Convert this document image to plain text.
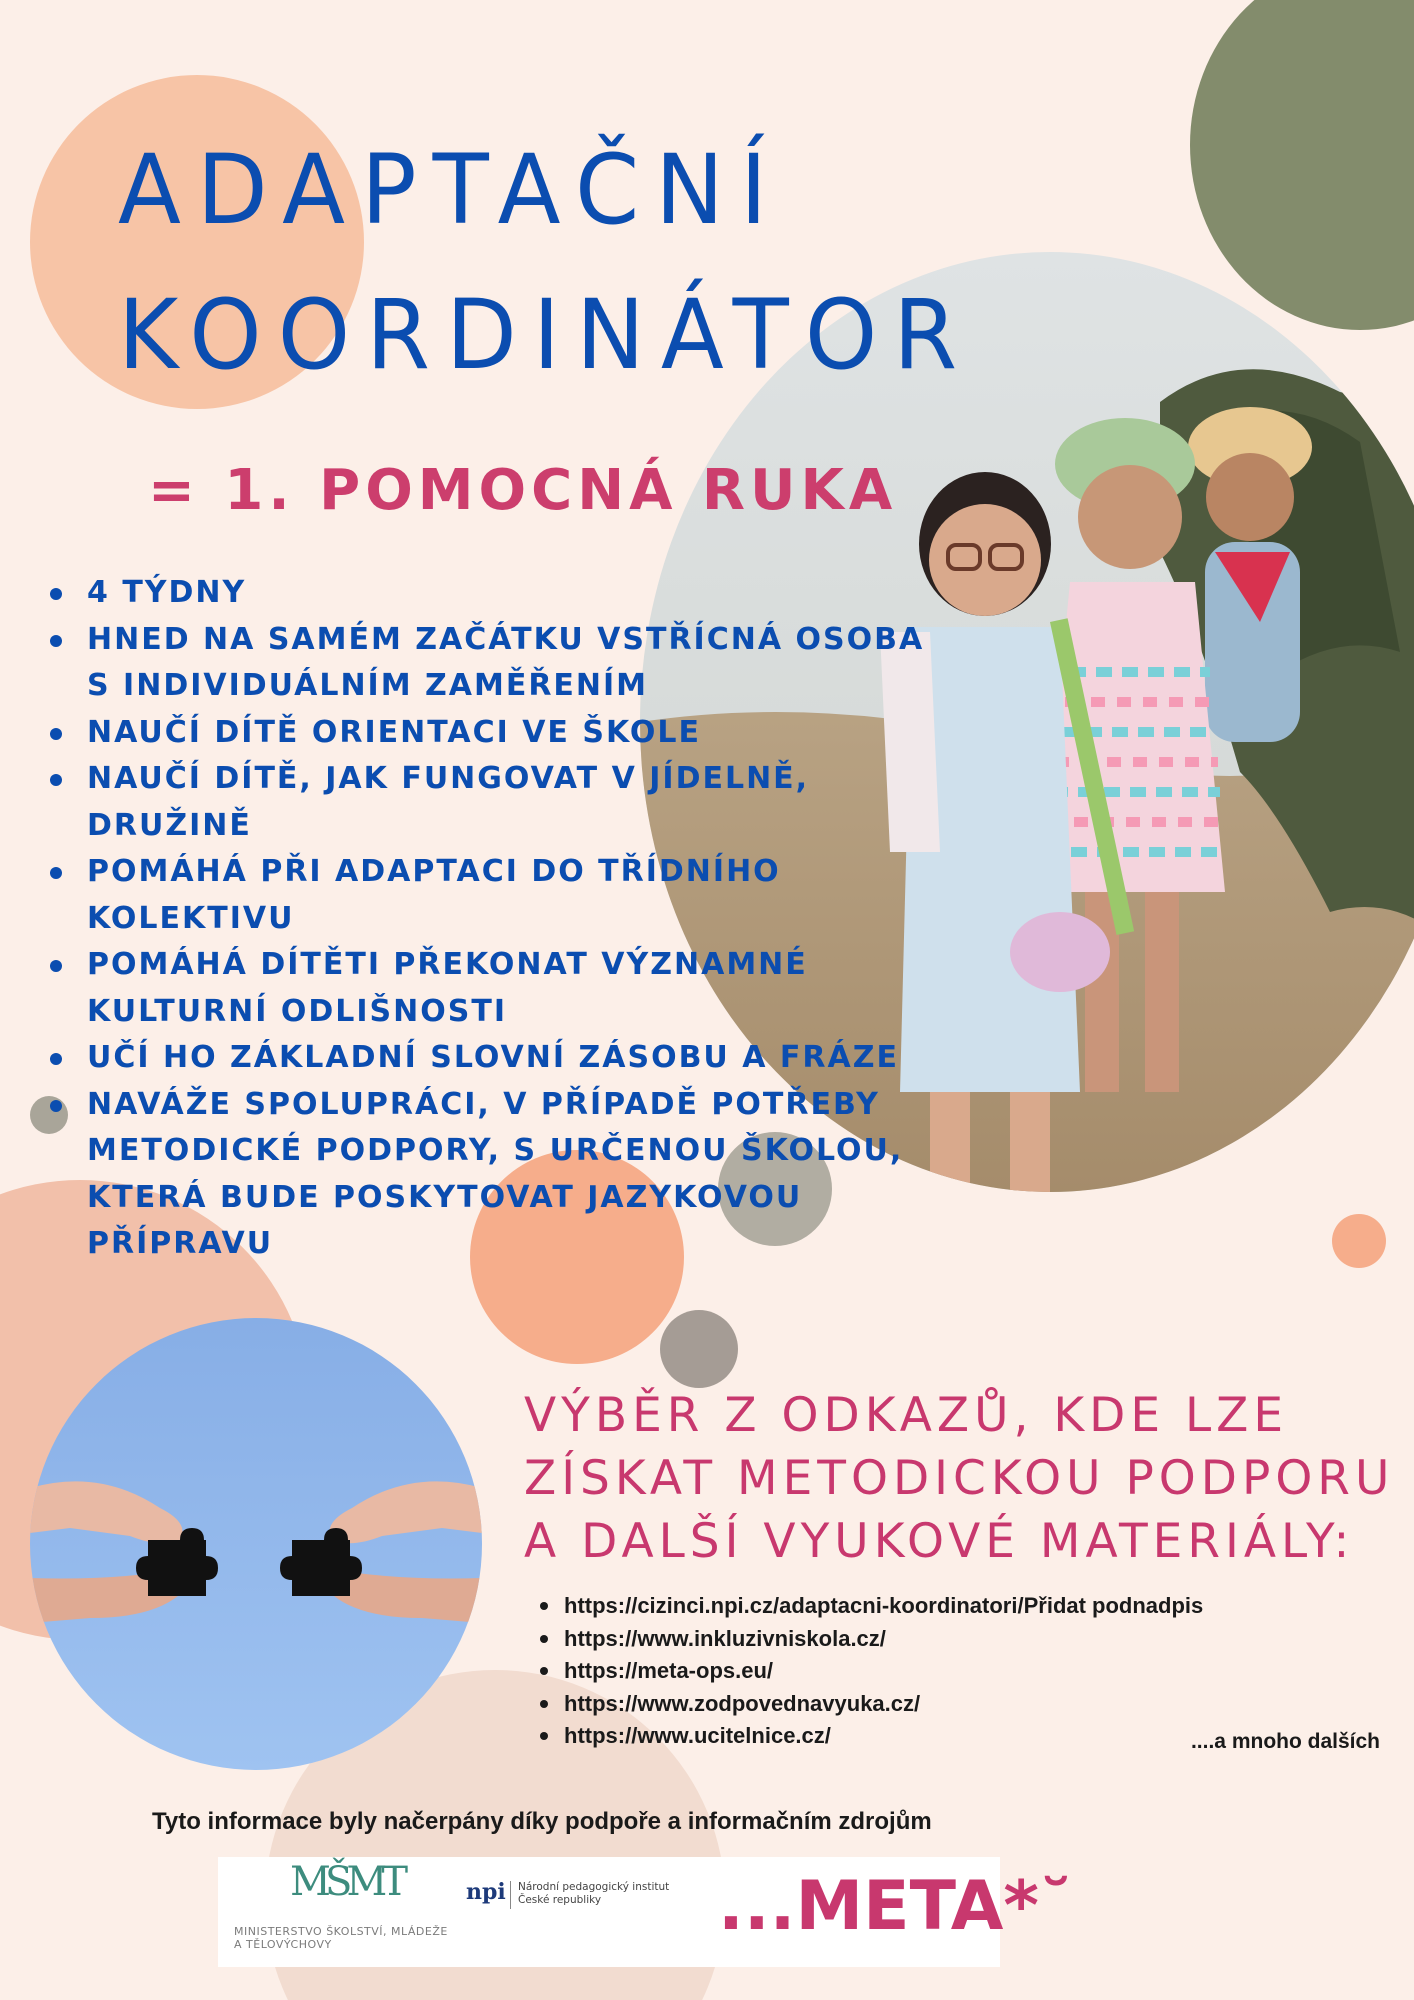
ADAPTAČNÍ
KOORDINÁTOR
= 1. POMOCNÁ RUKA
4 TÝDNY
HNED NA SAMÉM ZAČÁTKU VSTŘÍCNÁ OSOBA S INDIVIDUÁLNÍM ZAMĚŘENÍM
NAUČÍ DÍTĚ ORIENTACI VE ŠKOLE
NAUČÍ DÍTĚ, JAK FUNGOVAT V JÍDELNĚ, DRUŽINĚ
POMÁHÁ PŘI ADAPTACI DO TŘÍDNÍHO KOLEKTIVU
POMÁHÁ DÍTĚTI PŘEKONAT VÝZNAMNÉ KULTURNÍ ODLIŠNOSTI
UČÍ HO ZÁKLADNÍ SLOVNÍ ZÁSOBU A FRÁZE
NAVÁŽE SPOLUPRÁCI, V PŘÍPADĚ POTŘEBY METODICKÉ PODPORY, S URČENOU ŠKOLOU, KTERÁ BUDE POSKYTOVAT JAZYKOVOU PŘÍPRAVU
VÝBĚR Z ODKAZŮ, KDE LZE ZÍSKAT METODICKOU PODPORU A DALŠÍ VYUKOVÉ MATERIÁLY:
https://cizinci.npi.cz/adaptacni-koordinatori/Přidat podnadpis
https://www.inkluzivniskola.cz/
https://meta-ops.eu/
https://www.zodpovednavyuka.cz/
https://www.ucitelnice.cz/	....a mnoho dalších

Tyto informace byly načerpány díky podpoře a informačním zdrojům

MŠMT
MINISTERSTVO ŠKOLSTVÍ, MLÁDEŽE A TĚLOVÝCHOVY
npi Národní pedagogický institut České republiky	...META*˘
